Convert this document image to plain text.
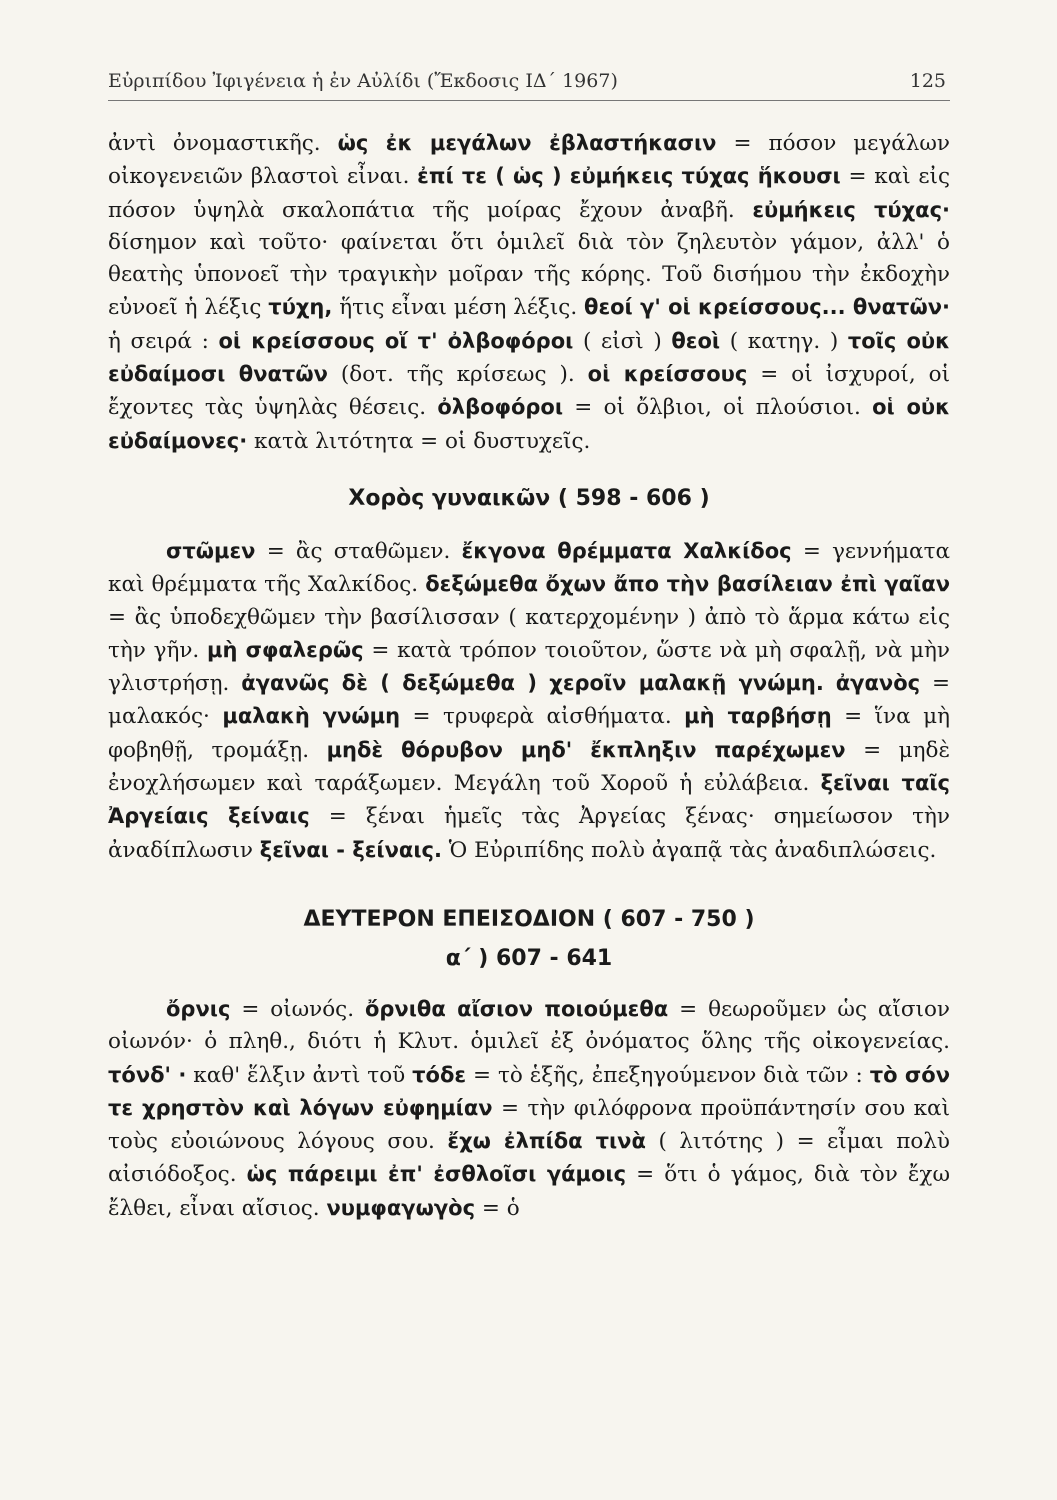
Εὐριπίδου Ἰφιγένεια ἡ ἐν Αὐλίδι (Ἔκδοσις ΙΔ΄ 1967)	125

ἀντὶ ὀνομαστικῆς. ὡς ἐκ μεγάλων ἐβλαστήκασιν = πόσον μεγάλων οἰκογενειῶν βλαστοὶ εἶναι. ἐπί τε ( ὡς ) εὐμήκεις τύχας ἥκουσι = καὶ εἰς πόσον ὑψηλὰ σκαλοπάτια τῆς μοίρας ἔχουν ἀναβῆ. εὐμήκεις τύχας· δίσημον καὶ τοῦτο· φαίνεται ὅτι ὁμιλεῖ διὰ τὸν ζηλευτὸν γάμον, ἀλλ' ὁ θεατὴς ὑπονοεῖ τὴν τραγικὴν μοῖραν τῆς κόρης. Τοῦ δισήμου τὴν ἐκδοχὴν εὐνοεῖ ἡ λέξις τύχη, ἥτις εἶναι μέση λέξις. θεοί γ' οἱ κρείσσους... θνατῶν· ἡ σειρά : οἱ κρείσσους οἵ τ' ὀλβοφόροι ( εἰσὶ ) θεοὶ ( κατηγ. ) τοῖς οὐκ εὐδαίμοσι θνατῶν (δοτ. τῆς κρίσεως ). οἱ κρείσσους = οἱ ἰσχυροί, οἱ ἔχοντες τὰς ὑψηλὰς θέσεις. ὀλβοφόροι = οἱ ὄλβιοι, οἱ πλούσιοι. οἱ οὐκ εὐδαίμονες· κατὰ λιτότητα = οἱ δυστυχεῖς.

Χορὸς γυναικῶν ( 598 - 606 )

στῶμεν = ἂς σταθῶμεν. ἔκγονα θρέμματα Χαλκίδος = γεννήματα καὶ θρέμματα τῆς Χαλκίδος. δεξώμεθα ὄχων ἄπο τὴν βασίλειαν ἐπὶ γαῖαν = ἂς ὑποδεχθῶμεν τὴν βασίλισσαν ( κατερχομένην ) ἀπὸ τὸ ἅρμα κάτω εἰς τὴν γῆν. μὴ σφαλερῶς = κατὰ τρόπον τοιοῦτον, ὥστε νὰ μὴ σφαλῇ, νὰ μὴν γλιστρήσῃ. ἀγανῶς δὲ ( δεξώμεθα ) χεροῖν μαλακῇ γνώμη. ἀγανὸς = μαλακός· μαλακὴ γνώμη = τρυφερὰ αἰσθήματα. μὴ ταρβήσῃ = ἵνα μὴ φοβηθῇ, τρομάξῃ. μηδὲ θόρυβον μηδ' ἔκπληξιν παρέχωμεν = μηδὲ ἐνοχλήσωμεν καὶ ταράξωμεν. Μεγάλη τοῦ Χοροῦ ἡ εὐλάβεια. ξεῖναι ταῖς Ἀργείαις ξείναις = ξέναι ἡμεῖς τὰς Ἀργείας ξένας· σημείωσον τὴν ἀναδίπλωσιν ξεῖναι - ξείναις. Ὁ Εὐριπίδης πολὺ ἀγαπᾷ τὰς ἀναδιπλώσεις.

ΔΕΥΤΕΡΟΝ ΕΠΕΙΣΟΔΙΟΝ ( 607 - 750 )
α΄ ) 607 - 641

ὄρνις = οἰωνός. ὄρνιθα αἴσιον ποιούμεθα = θεωροῦμεν ὡς αἴσιον οἰωνόν· ὁ πληθ., διότι ἡ Κλυτ. ὁμιλεῖ ἐξ ὀνόματος ὅλης τῆς οἰκογενείας. τόνδ' · καθ' ἕλξιν ἀντὶ τοῦ τόδε = τὸ ἑξῆς, ἐπεξηγούμενον διὰ τῶν : τὸ σόν τε χρηστὸν καὶ λόγων εὐφημίαν = τὴν φιλόφρονα προϋπάντησίν σου καὶ τοὺς εὐοιώνους λόγους σου. ἔχω ἐλπίδα τινὰ ( λιτότης ) = εἶμαι πολὺ αἰσιόδοξος. ὡς πάρειμι ἐπ' ἐσθλοῖσι γάμοις = ὅτι ὁ γάμος, διὰ τὸν ἔχω ἔλθει, εἶναι αἴσιος. νυμφαγωγὸς = ὁ
